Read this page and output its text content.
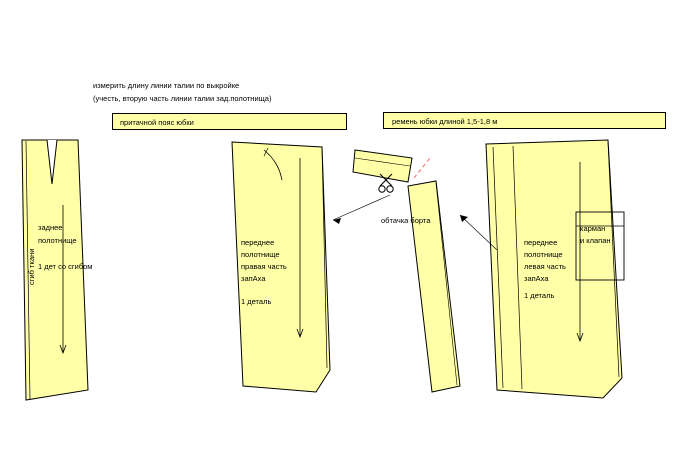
измерить длину линии талии по выкройке
(учесть, вторую часть линии талии зад.полотнища)
притачной пояс юбки	ремень юбки длиной 1,5-1,8 м
заднее
полотнище
1 дет со сгибом
сгиб ткани
переднее
полотнище
правая часть
запАха
1 деталь
обтачка борта
переднее
полотнище
левая часть
запАха
1 деталь
карман
и клапан
